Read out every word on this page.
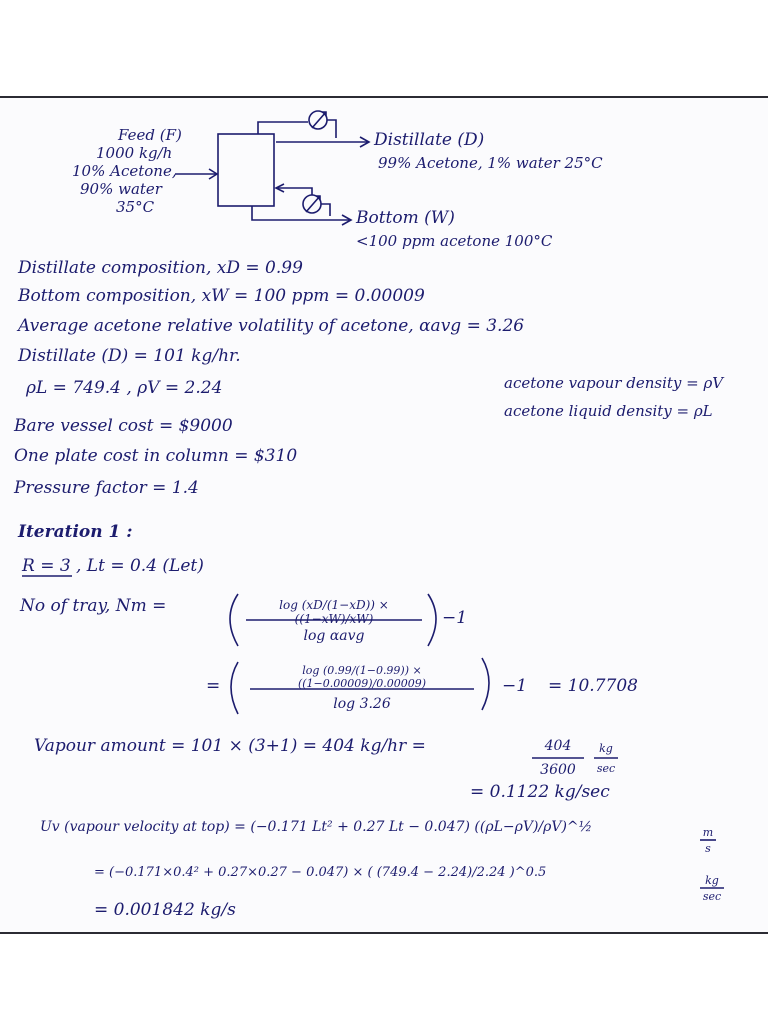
Feed (F)
1000 kg/h
10% Acetone,
90% water
35°C
Distillate (D)
99% Acetone, 1% water 25°C
Bottom (W)
<100 ppm acetone 100°C
Distillate composition, xD = 0.99
Bottom composition, xW = 100 ppm = 0.00009
Average acetone relative volatility of acetone, αavg = 3.26
Distillate (D) = 101 kg/hr.
ρL = 749.4 , ρV = 2.24	acetone vapour density = ρV
acetone liquid density = ρL
Bare vessel cost = $9000
One plate cost in column = $310
Pressure factor = 1.4
Iteration 1 :
R = 3 , Lt = 0.4 (Let)
No of tray, Nm =	log (xD/(1−xD)) × ((1−xW)/xW)
log αavg
−1
=
log (0.99/(1−0.99)) × ((1−0.00009)/0.00009)
log 3.26
−1 = 10.7708
Vapour amount = 101 × (3+1) = 404 kg/hr =	404
3600
kg
sec
= 0.1122 kg/sec
Uv (vapour velocity at top) = (−0.171 Lt² + 0.27 Lt − 0.047) ((ρL−ρV)/ρV)^½	m
s
= (−0.171×0.4² + 0.27×0.27 − 0.047) × ( (749.4 − 2.24)/2.24 )^0.5
kg
sec
= 0.001842 kg/s
